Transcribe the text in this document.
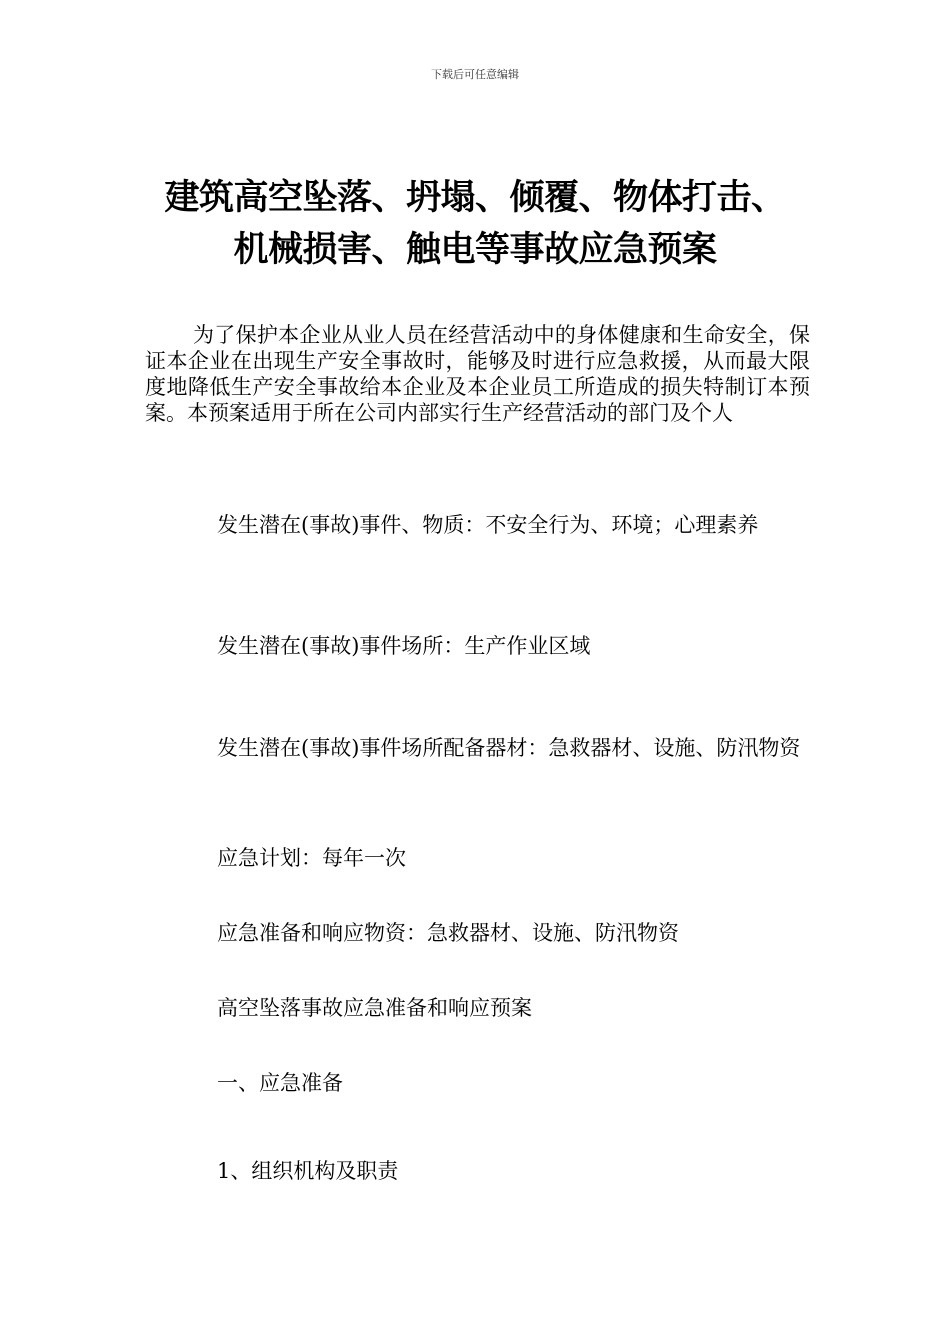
下载后可任意编辑
建筑高空坠落、坍塌、倾覆、物体打击、
机械损害、触电等事故应急预案

为了保护本企业从业人员在经营活动中的身体健康和生命安全，保证本企业在出现生产安全事故时，能够及时进行应急救援，从而最大限度地降低生产安全事故给本企业及本企业员工所造成的损失特制订本预案。本预案适用于所在公司内部实行生产经营活动的部门及个人

发生潜在(事故)事件、物质：不安全行为、环境；心理素养

发生潜在(事故)事件场所：生产作业区域

发生潜在(事故)事件场所配备器材：急救器材、设施、防汛物资

应急计划：每年一次

应急准备和响应物资：急救器材、设施、防汛物资

高空坠落事故应急准备和响应预案

一、应急准备

1、组织机构及职责
